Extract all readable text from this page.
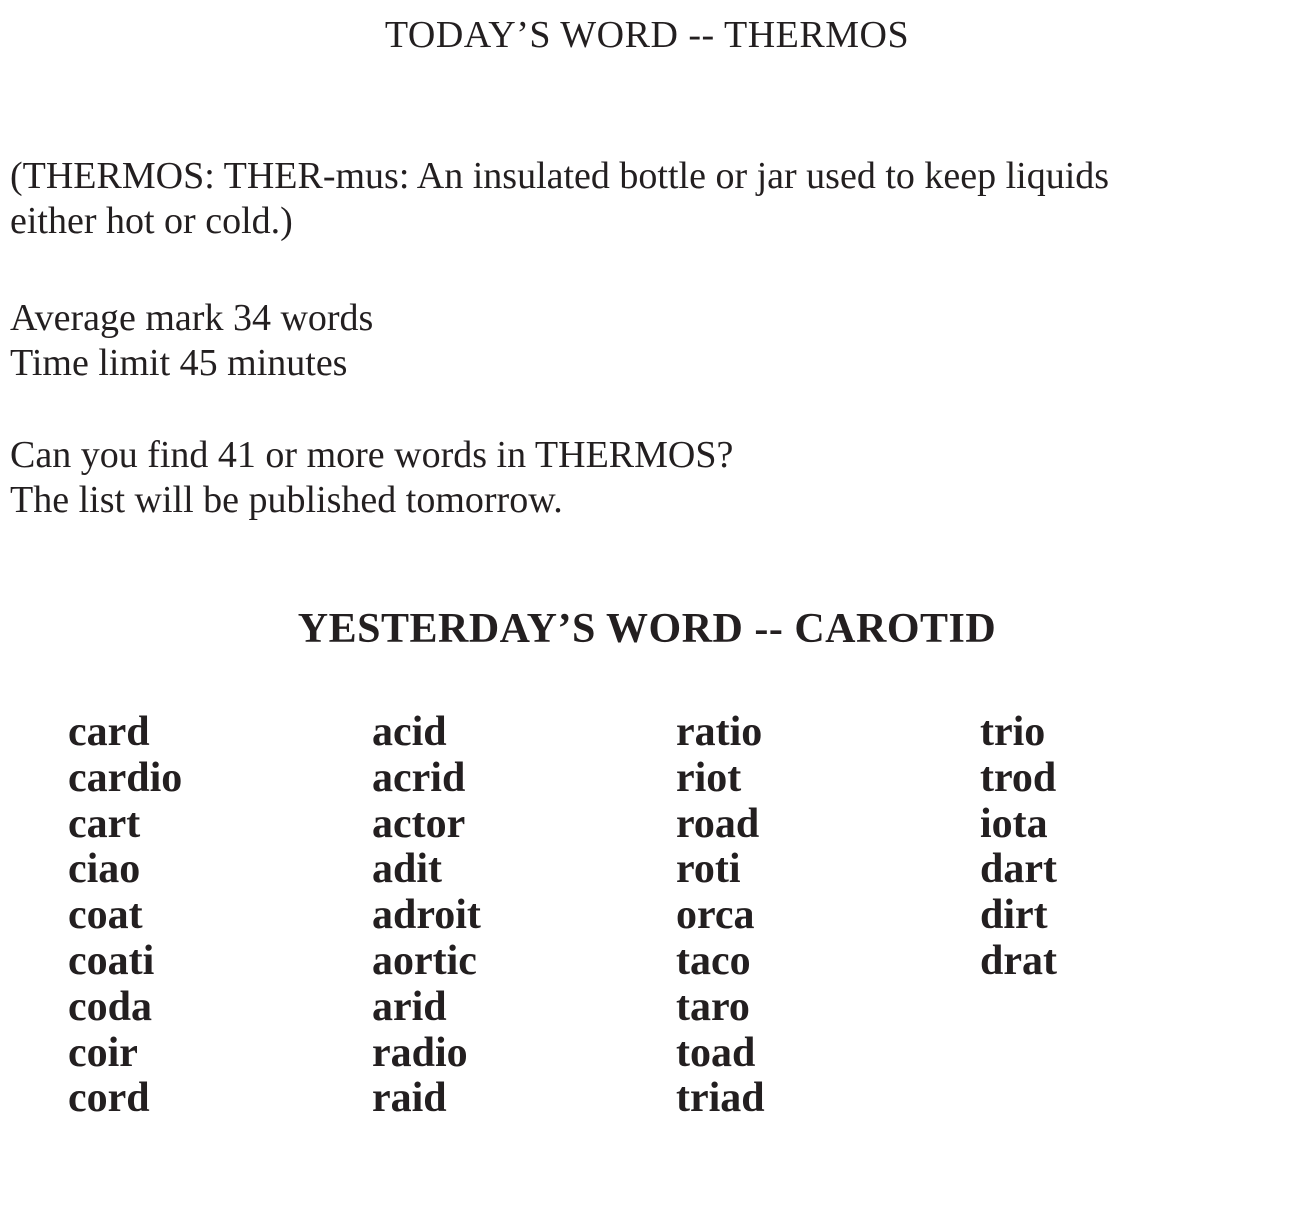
TODAY’S WORD -- THERMOS
(THERMOS: THER-mus: An insulated bottle or jar used to keep liquids
either hot or cold.)
Average mark 34 words
Time limit 45 minutes
Can you find 41 or more words in THERMOS?
The list will be published tomorrow.
YESTERDAY’S WORD -- CAROTID
card
cardio
cart
ciao
coat
coati
coda
coir
cord
acid
acrid
actor
adit
adroit
aortic
arid
radio
raid
ratio
riot
road
roti
orca
taco
taro
toad
triad
trio
trod
iota
dart
dirt
drat
